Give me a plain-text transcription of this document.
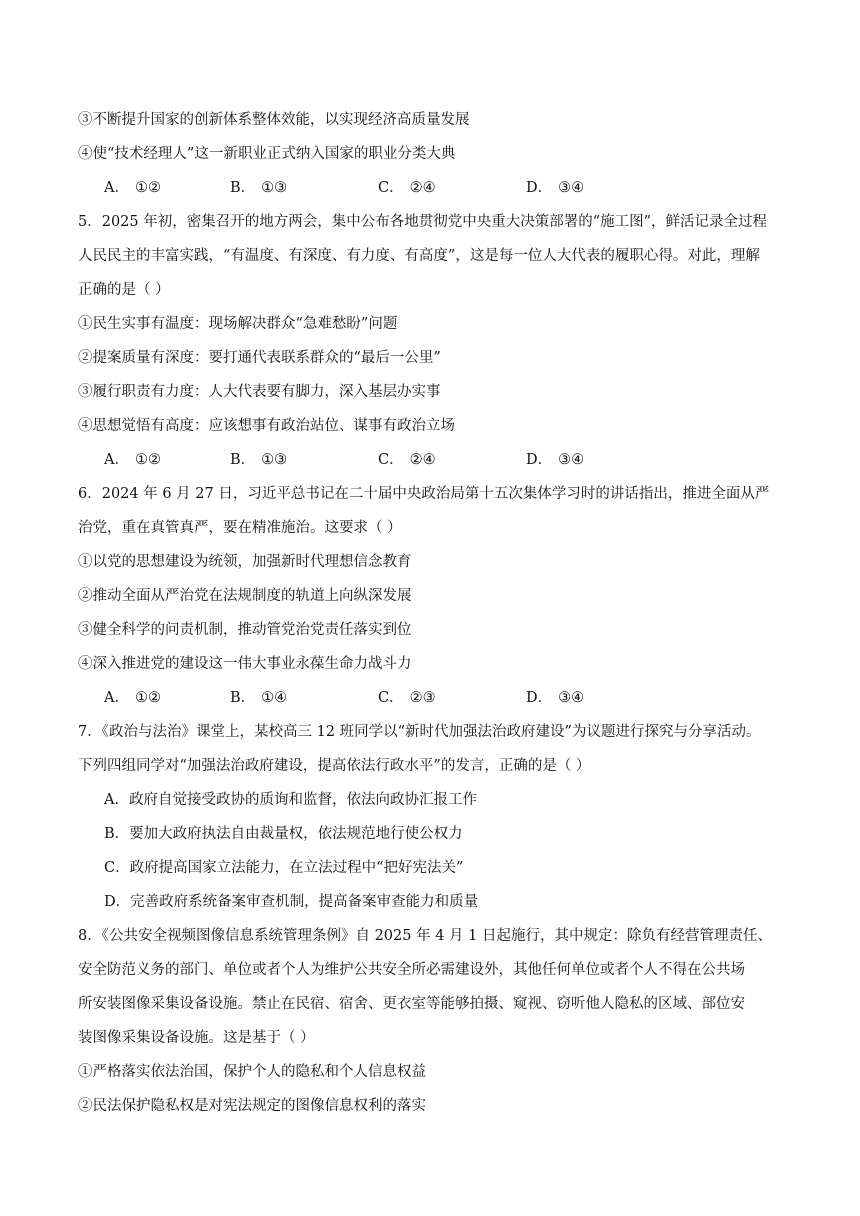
③不断提升国家的创新体系整体效能，以实现经济高质量发展
④使“技术经理人”这一新职业正式纳入国家的职业分类大典
A． ①②	B． ①③	C． ②④	D． ③④
5．2025 年初，密集召开的地方两会，集中公布各地贯彻党中央重大决策部署的“施工图”，鲜活记录全过程
人民民主的丰富实践，“有温度、有深度、有力度、有高度”，这是每一位人大代表的履职心得。对此，理解
正确的是（ ）
①民生实事有温度：现场解决群众“急难愁盼”问题
②提案质量有深度：要打通代表联系群众的“最后一公里”
③履行职责有力度：人大代表要有脚力，深入基层办实事
④思想觉悟有高度：应该想事有政治站位、谋事有政治立场
A． ①②	B． ①③	C． ②④	D． ③④
6．2024 年 6 月 27 日，习近平总书记在二十届中央政治局第十五次集体学习时的讲话指出，推进全面从严
治党，重在真管真严，要在精准施治。这要求（ ）
①以党的思想建设为统领，加强新时代理想信念教育
②推动全面从严治党在法规制度的轨道上向纵深发展
③健全科学的问责机制，推动管党治党责任落实到位
④深入推进党的建设这一伟大事业永葆生命力战斗力
A． ①②	B． ①④	C． ②③	D． ③④
7．《政治与法治》课堂上，某校高三 12 班同学以“新时代加强法治政府建设”为议题进行探究与分享活动。
下列四组同学对“加强法治政府建设，提高依法行政水平”的发言，正确的是（ ）
A．政府自觉接受政协的质询和监督，依法向政协汇报工作
B．要加大政府执法自由裁量权，依法规范地行使公权力
C．政府提高国家立法能力，在立法过程中“把好宪法关”
D．完善政府系统备案审查机制，提高备案审查能力和质量
8．《公共安全视频图像信息系统管理条例》自 2025 年 4 月 1 日起施行，其中规定：除负有经营管理责任、
安全防范义务的部门、单位或者个人为维护公共安全所必需建设外，其他任何单位或者个人不得在公共场
所安装图像采集设备设施。禁止在民宿、宿舍、更衣室等能够拍摄、窥视、窃听他人隐私的区域、部位安
装图像采集设备设施。这是基于（ ）
①严格落实依法治国，保护个人的隐私和个人信息权益
②民法保护隐私权是对宪法规定的图像信息权利的落实
